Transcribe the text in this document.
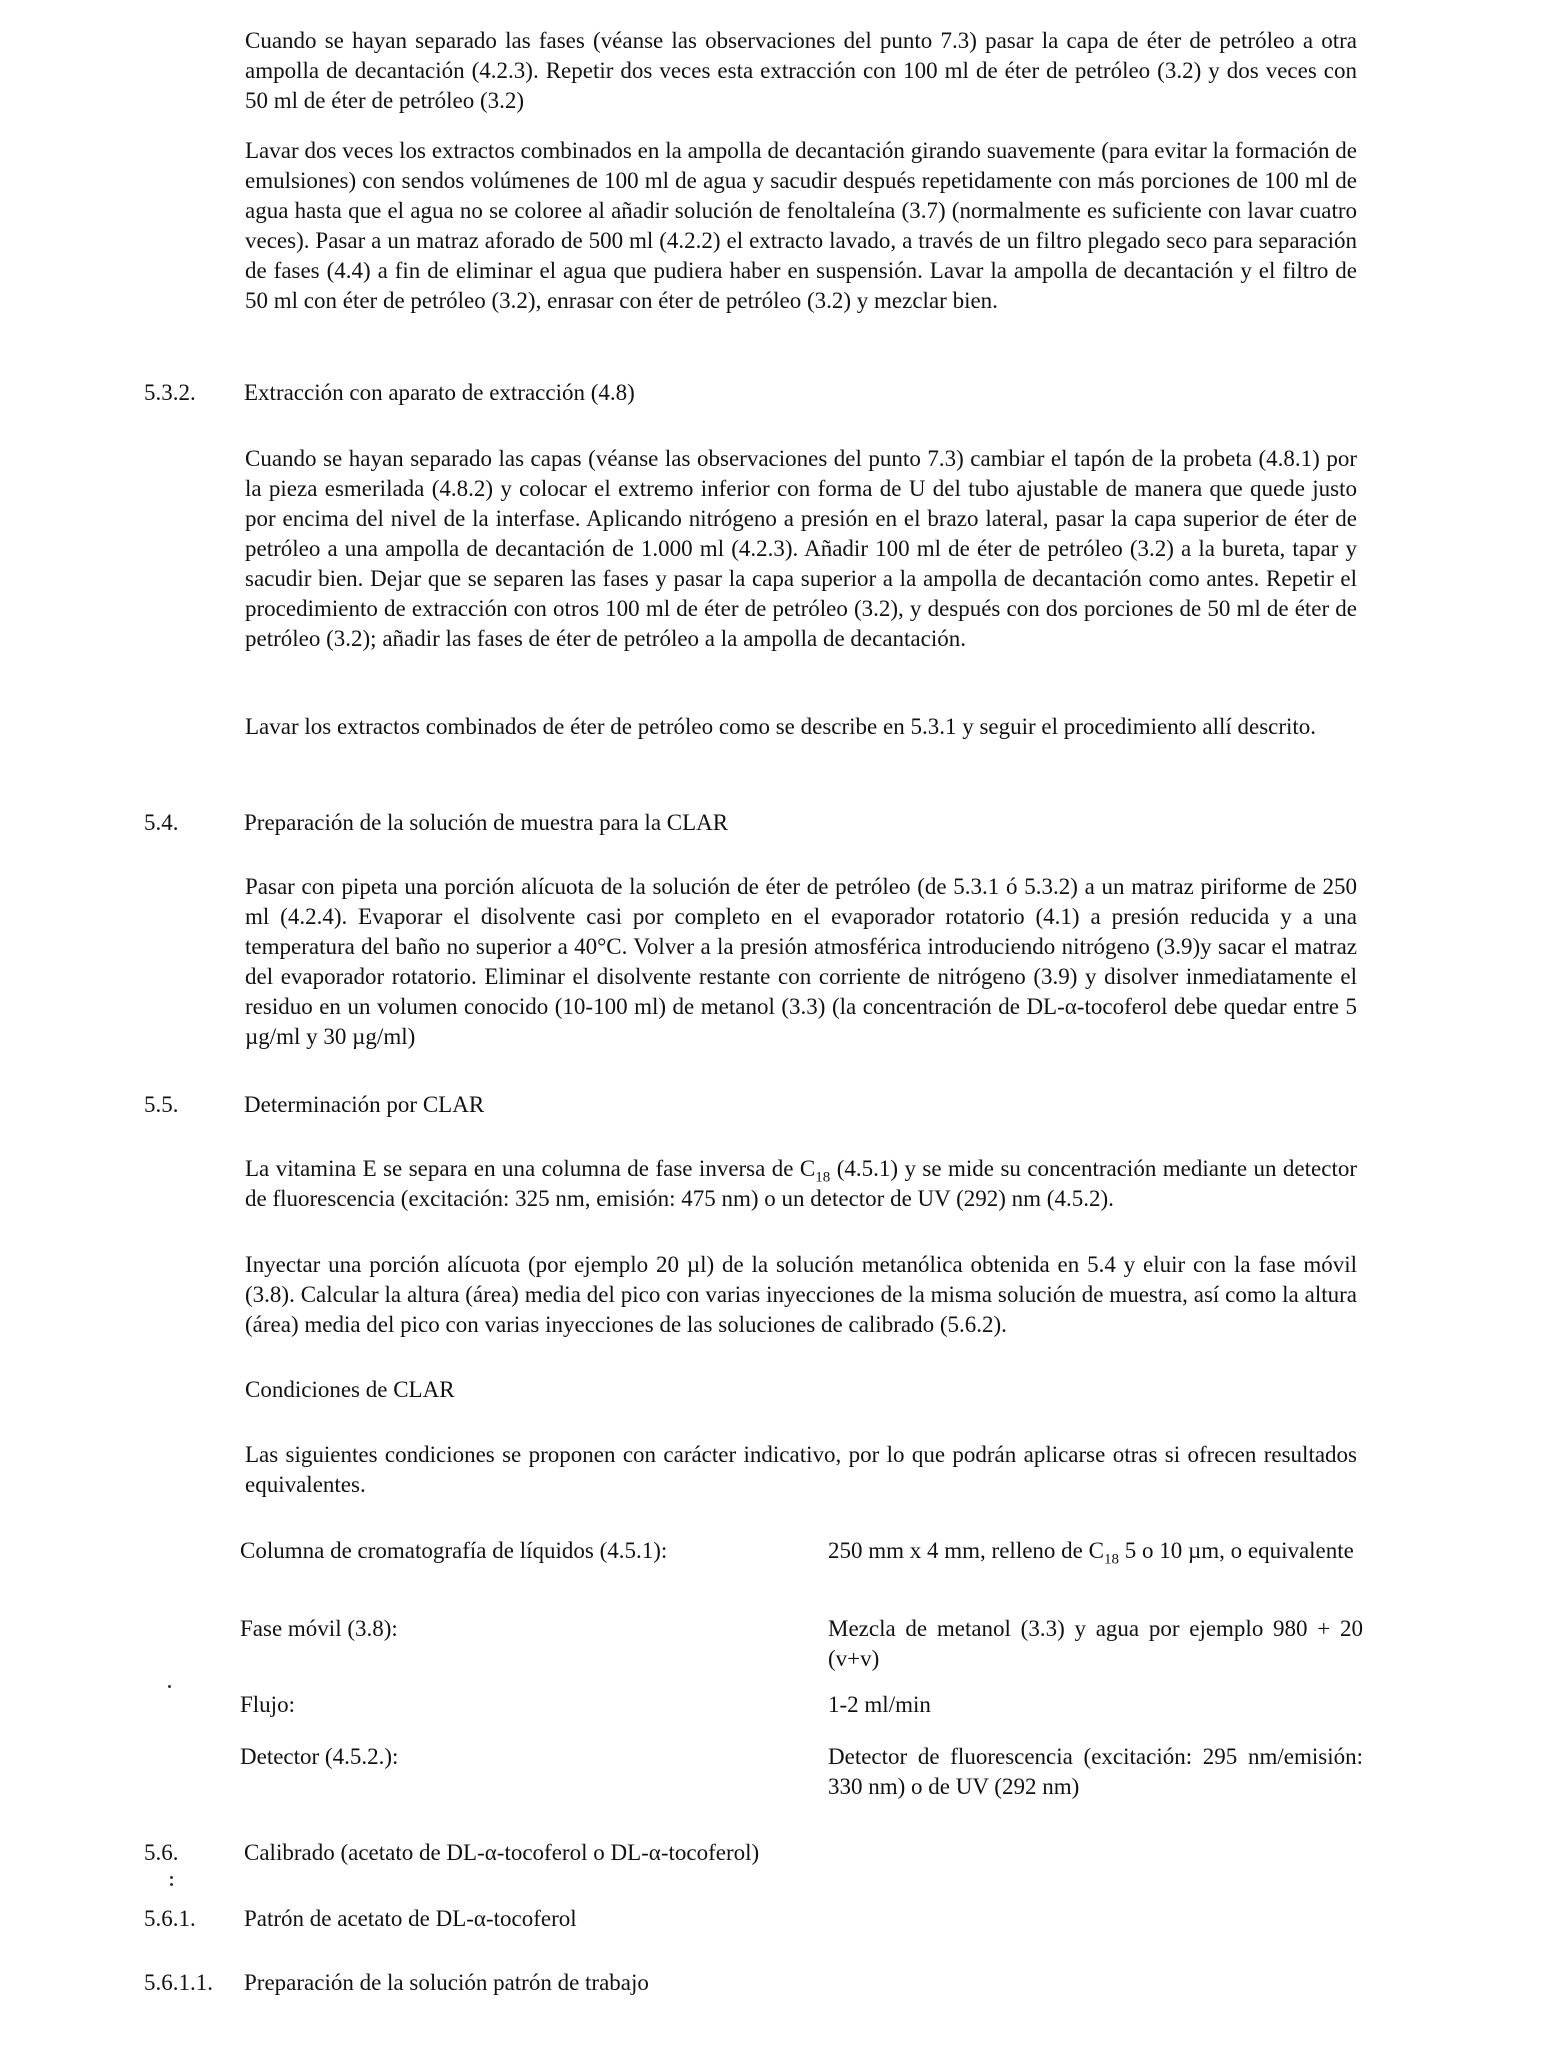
Cuando se hayan separado las fases (véanse las observaciones del punto 7.3) pasar la capa de éter de petróleo a otra ampolla de decantación (4.2.3). Repetir dos veces esta extracción con 100 ml de éter de petróleo (3.2) y dos veces con 50 ml de éter de petróleo (3.2)

Lavar dos veces los extractos combinados en la ampolla de decantación girando suavemente (para evitar la formación de emulsiones) con sendos volúmenes de 100 ml de agua y sacudir después repetidamente con más porciones de 100 ml de agua hasta que el agua no se coloree al añadir solución de fenoltaleína (3.7) (normalmente es suficiente con lavar cuatro veces). Pasar a un matraz aforado de 500 ml (4.2.2) el extracto lavado, a través de un filtro plegado seco para separación de fases (4.4) a fin de eliminar el agua que pudiera haber en suspensión. Lavar la ampolla de decantación y el filtro de 50 ml con éter de petróleo (3.2), enrasar con éter de petróleo (3.2) y mezclar bien.

5.3.2. Extracción con aparato de extracción (4.8)

Cuando se hayan separado las capas (véanse las observaciones del punto 7.3) cambiar el tapón de la probeta (4.8.1) por la pieza esmerilada (4.8.2) y colocar el extremo inferior con forma de U del tubo ajustable de manera que quede justo por encima del nivel de la interfase. Aplicando nitrógeno a presión en el brazo lateral, pasar la capa superior de éter de petróleo a una ampolla de decantación de 1.000 ml (4.2.3). Añadir 100 ml de éter de petróleo (3.2) a la bureta, tapar y sacudir bien. Dejar que se separen las fases y pasar la capa superior a la ampolla de decantación como antes. Repetir el procedimiento de extracción con otros 100 ml de éter de petróleo (3.2), y después con dos porciones de 50 ml de éter de petróleo (3.2); añadir las fases de éter de petróleo a la ampolla de decantación.

Lavar los extractos combinados de éter de petróleo como se describe en 5.3.1 y seguir el procedimiento allí descrito.

5.4.	Preparación de la solución de muestra para la CLAR

Pasar con pipeta una porción alícuota de la solución de éter de petróleo (de 5.3.1 ó 5.3.2) a un matraz piriforme de 250 ml (4.2.4). Evaporar el disolvente casi por completo en el evaporador rotatorio (4.1) a presión reducida y a una temperatura del baño no superior a 40°C. Volver a la presión atmosférica introduciendo nitrógeno (3.9)y sacar el matraz del evaporador rotatorio. Eliminar el disolvente restante con corriente de nitrógeno (3.9) y disolver inmediatamente el residuo en un volumen conocido (10-100 ml) de metanol (3.3) (la concentración de DL-α-tocoferol debe quedar entre 5 µg/ml y 30 µg/ml)

5.5.	Determinación por CLAR

La vitamina E se separa en una columna de fase inversa de $C_{18}$ (4.5.1) y se mide su concentración mediante un detector de fluorescencia (excitación: 325 nm, emisión: 475 nm) o un detector de UV (292) nm (4.5.2).

Inyectar una porción alícuota (por ejemplo 20 µl) de la solución metanólica obtenida en 5.4 y eluir con la fase móvil (3.8). Calcular la altura (área) media del pico con varias inyecciones de la misma solución de muestra, así como la altura (área) media del pico con varias inyecciones de las soluciones de calibrado (5.6.2).

Condiciones de CLAR

Las siguientes condiciones se proponen con carácter indicativo, por lo que podrán aplicarse otras si ofrecen resultados equivalentes.

Columna de cromatografía de líquidos (4.5.1):	250 mm x 4 mm, relleno de $C_{18}$ 5 o 10 µm, o equivalente
Fase móvil (3.8):	Mezcla de metanol (3.3) y agua por ejemplo 980 + 20 (v+v)
Flujo:	1-2 ml/min
Detector (4.5.2.):	Detector de fluorescencia (excitación: 295 nm/emisión: 330 nm) o de UV (292 nm)
5.6.	Calibrado (acetato de DL-α-tocoferol o DL-α-tocoferol)
5.6.1. Patrón de acetato de DL-α-tocoferol
5.6.1.1. Preparación de la solución patrón de trabajo
